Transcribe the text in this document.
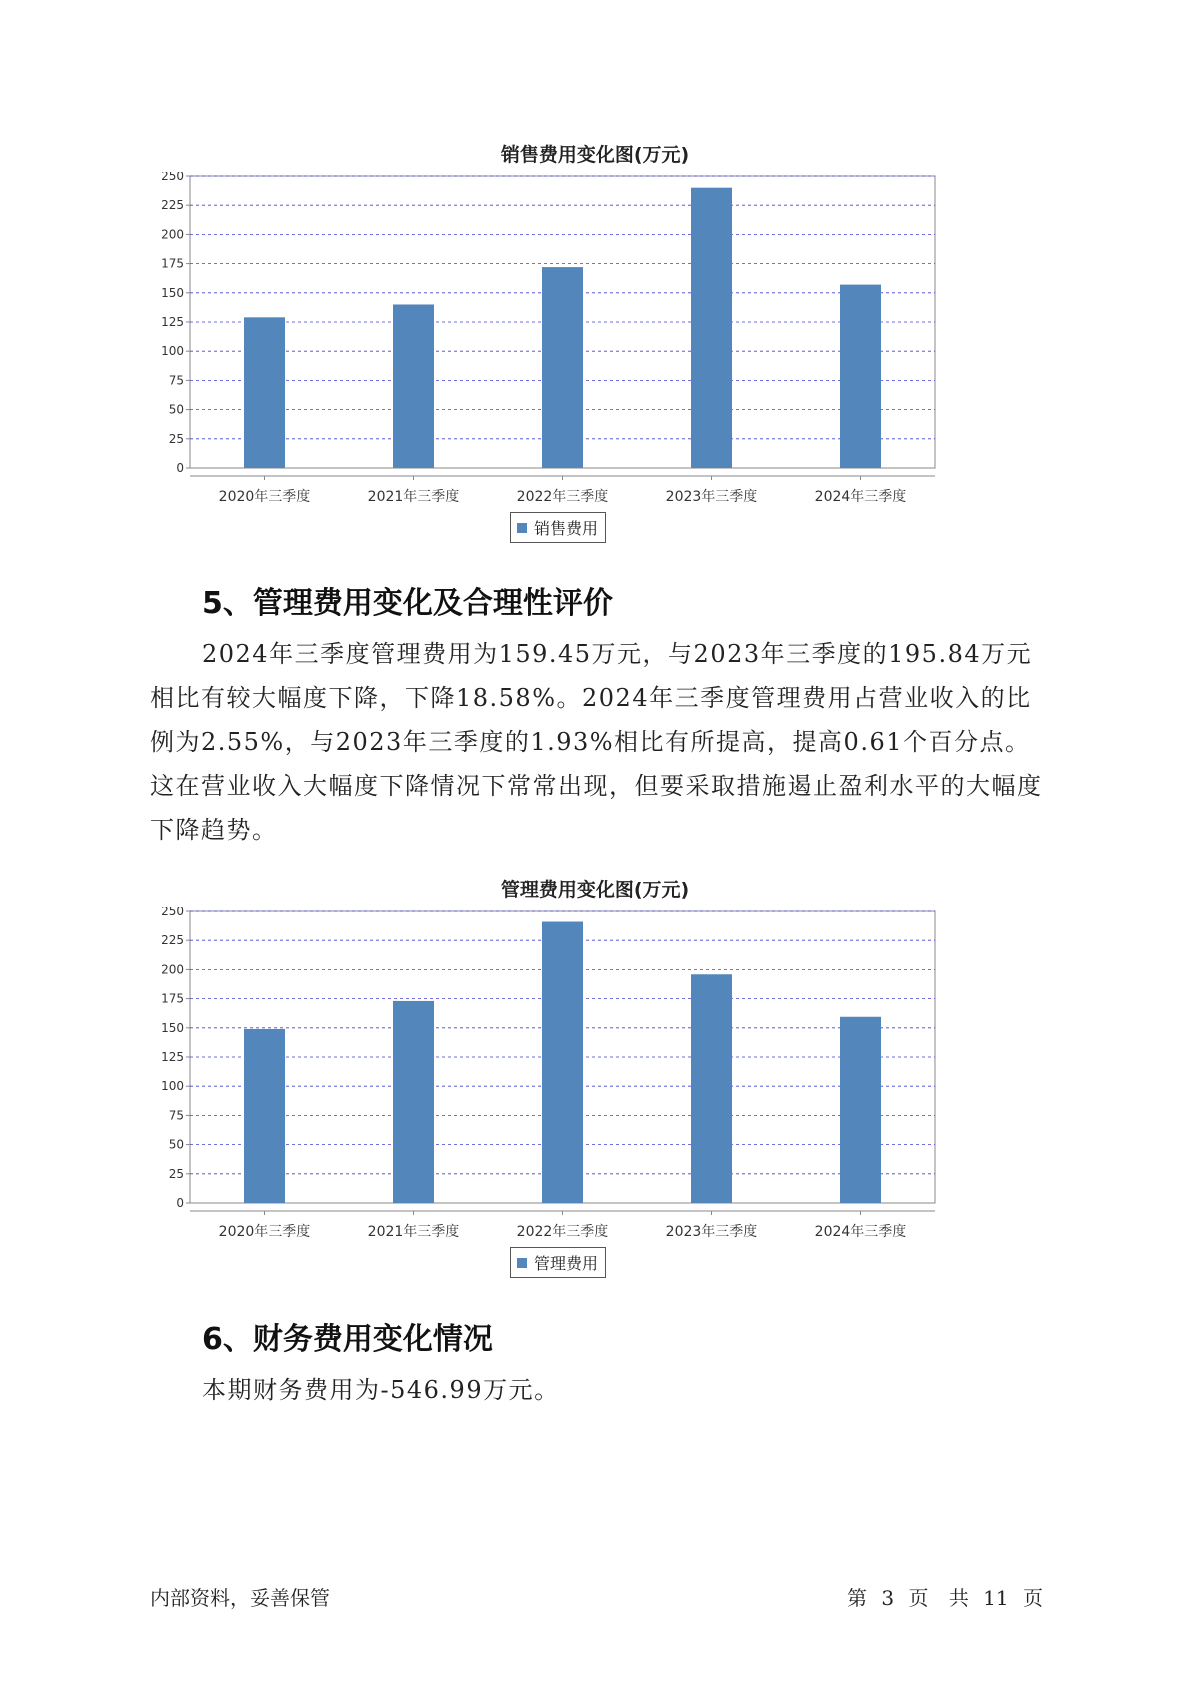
销售费用变化图(万元)
0
25
50
75
100
125
150
175
200
225
250
2020年三季度	2021年三季度	2022年三季度	2023年三季度	2024年三季度
销售费用
5、管理费用变化及合理性评价

2024年三季度管理费用为159.45万元，与2023年三季度的195.84万元相比有较大幅度下降，下降18.58%。2024年三季度管理费用占营业收入的比例为2.55%，与2023年三季度的1.93%相比有所提高，提高0.61个百分点。这在营业收入大幅度下降情况下常常出现，但要采取措施遏止盈利水平的大幅度下降趋势。

管理费用变化图(万元)
0
25
50
75
100
125
150
175
200
225
250
2020年三季度	2021年三季度	2022年三季度	2023年三季度	2024年三季度
管理费用
6、财务费用变化情况

本期财务费用为-546.99万元。

内部资料，妥善保管	第 3 页 共 11 页
